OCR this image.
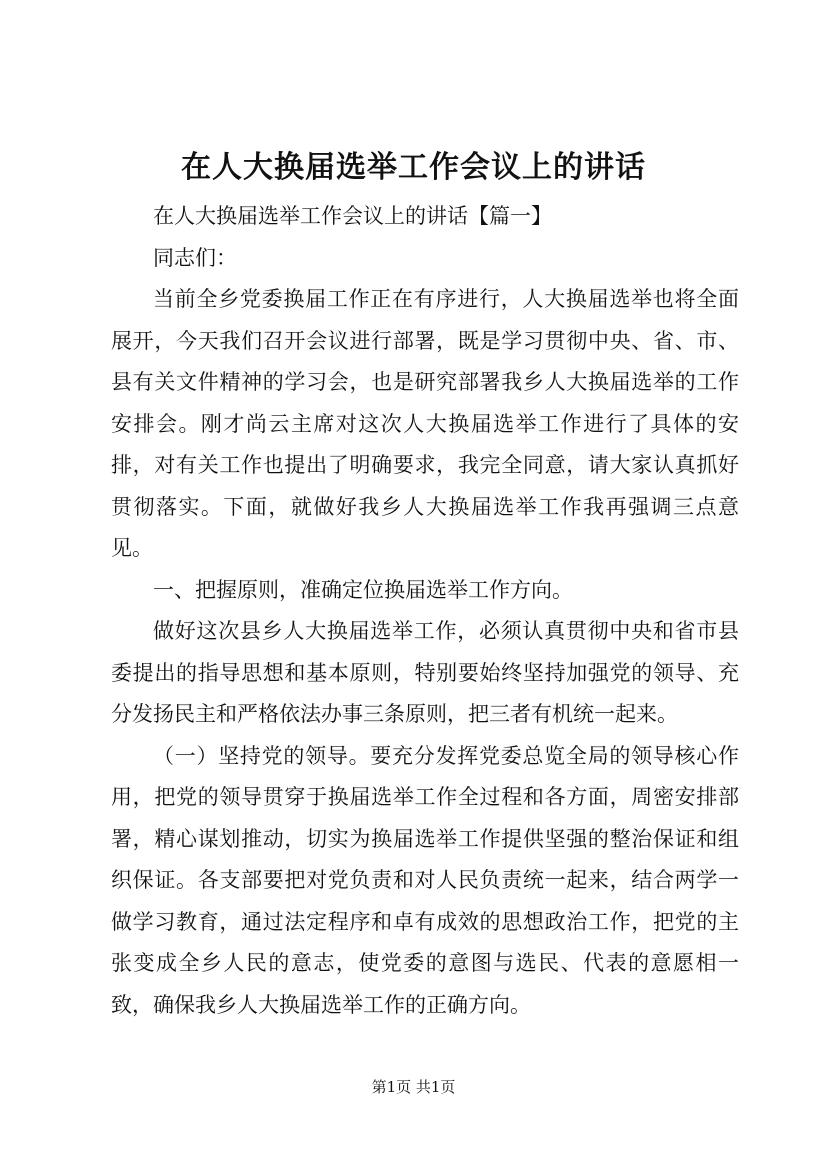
在人大换届选举工作会议上的讲话

在人大换届选举工作会议上的讲话【篇一】

同志们：

当前全乡党委换届工作正在有序进行，人大换届选举也将全面展开，今天我们召开会议进行部署，既是学习贯彻中央、省、市、县有关文件精神的学习会，也是研究部署我乡人大换届选举的工作安排会。刚才尚云主席对这次人大换届选举工作进行了具体的安排，对有关工作也提出了明确要求，我完全同意，请大家认真抓好贯彻落实。下面，就做好我乡人大换届选举工作我再强调三点意见。

一、把握原则，准确定位换届选举工作方向。

做好这次县乡人大换届选举工作，必须认真贯彻中央和省市县委提出的指导思想和基本原则，特别要始终坚持加强党的领导、充分发扬民主和严格依法办事三条原则，把三者有机统一起来。

（一）坚持党的领导。要充分发挥党委总览全局的领导核心作用，把党的领导贯穿于换届选举工作全过程和各方面，周密安排部署，精心谋划推动，切实为换届选举工作提供坚强的整治保证和组织保证。各支部要把对党负责和对人民负责统一起来，结合两学一做学习教育，通过法定程序和卓有成效的思想政治工作，把党的主张变成全乡人民的意志，使党委的意图与选民、代表的意愿相一致，确保我乡人大换届选举工作的正确方向。

第1页 共1页
